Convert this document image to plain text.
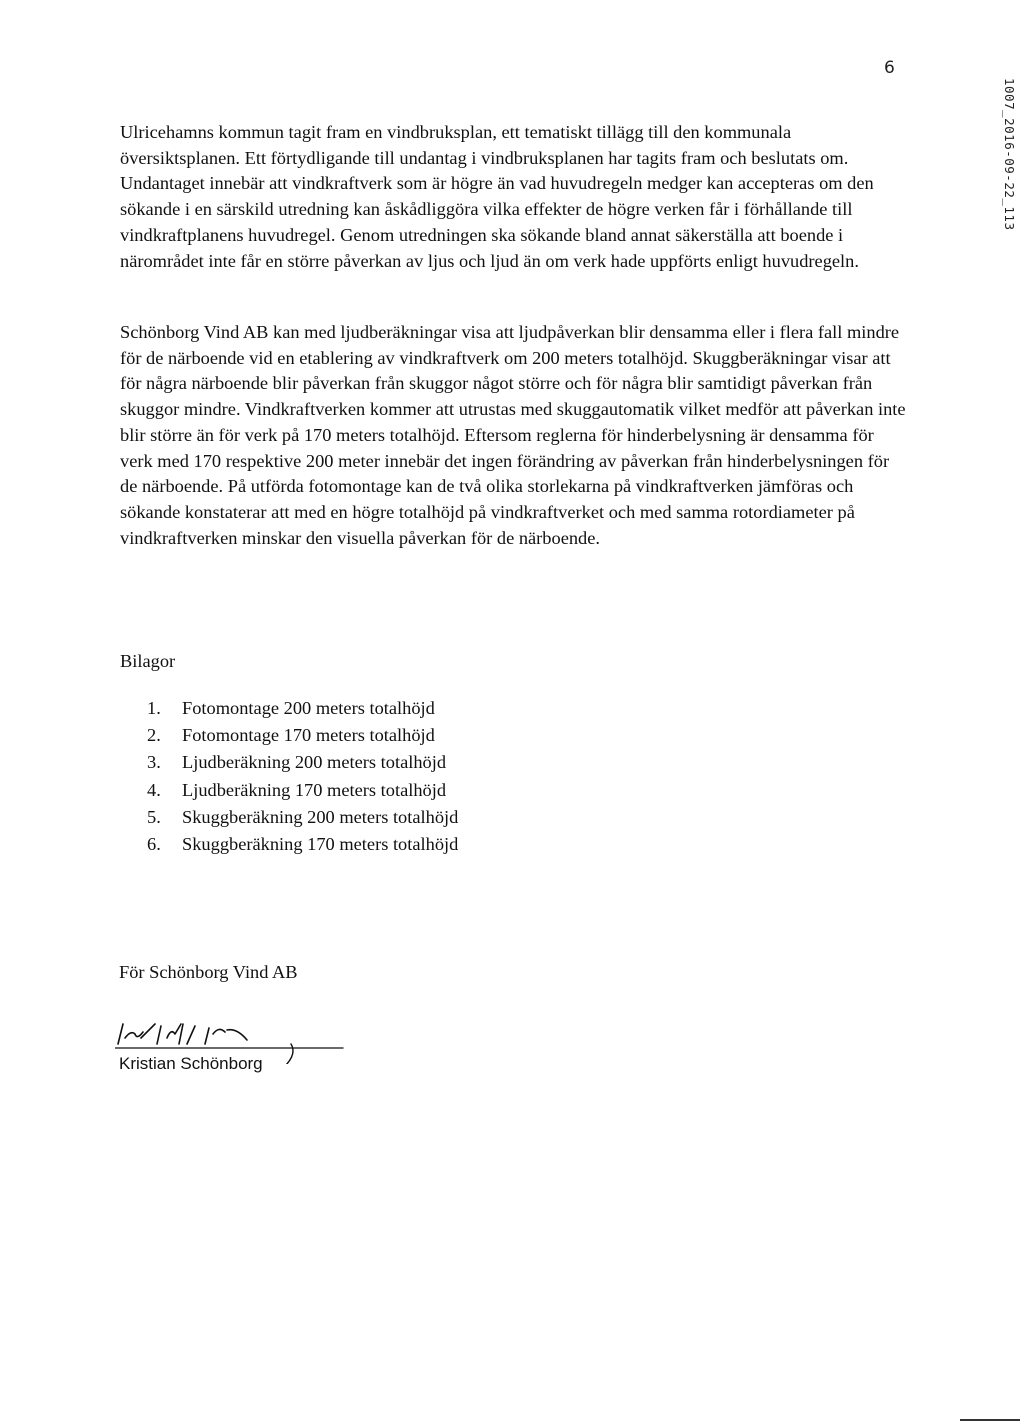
6
1007_2016-09-22_113

Ulricehamns kommun tagit fram en vindbruksplan, ett tematiskt tillägg till den kommunala översiktsplanen. Ett förtydligande till undantag i vindbruksplanen har tagits fram och beslutats om. Undantaget innebär att vindkraftverk som är högre än vad huvudregeln medger kan accepteras om den sökande i en särskild utredning kan åskådliggöra vilka effekter de högre verken får i förhållande till vindkraftplanens huvudregel. Genom utredningen ska sökande bland annat säkerställa att boende i närområdet inte får en större påverkan av ljus och ljud än om verk hade uppförts enligt huvudregeln.

Schönborg Vind AB kan med ljudberäkningar visa att ljudpåverkan blir densamma eller i flera fall mindre för de närboende vid en etablering av vindkraftverk om 200 meters totalhöjd. Skuggberäkningar visar att för några närboende blir påverkan från skuggor något större och för några blir samtidigt påverkan från skuggor mindre. Vindkraftverken kommer att utrustas med skuggautomatik vilket medför att påverkan inte blir större än för verk på 170 meters totalhöjd. Eftersom reglerna för hinderbelysning är densamma för verk med 170 respektive 200 meter innebär det ingen förändring av påverkan från hinderbelysningen för de närboende. På utförda fotomontage kan de två olika storlekarna på vindkraftverken jämföras och sökande konstaterar att med en högre totalhöjd på vindkraftverket och med samma rotordiameter på vindkraftverken minskar den visuella påverkan för de närboende.

Bilagor
1.	Fotomontage 200 meters totalhöjd
2.	Fotomontage 170 meters totalhöjd
3.	Ljudberäkning 200 meters totalhöjd
4.	Ljudberäkning 170 meters totalhöjd
5.	Skuggberäkning 200 meters totalhöjd
6.	Skuggberäkning 170 meters totalhöjd
För Schönborg Vind AB
Kristian Schönborg
